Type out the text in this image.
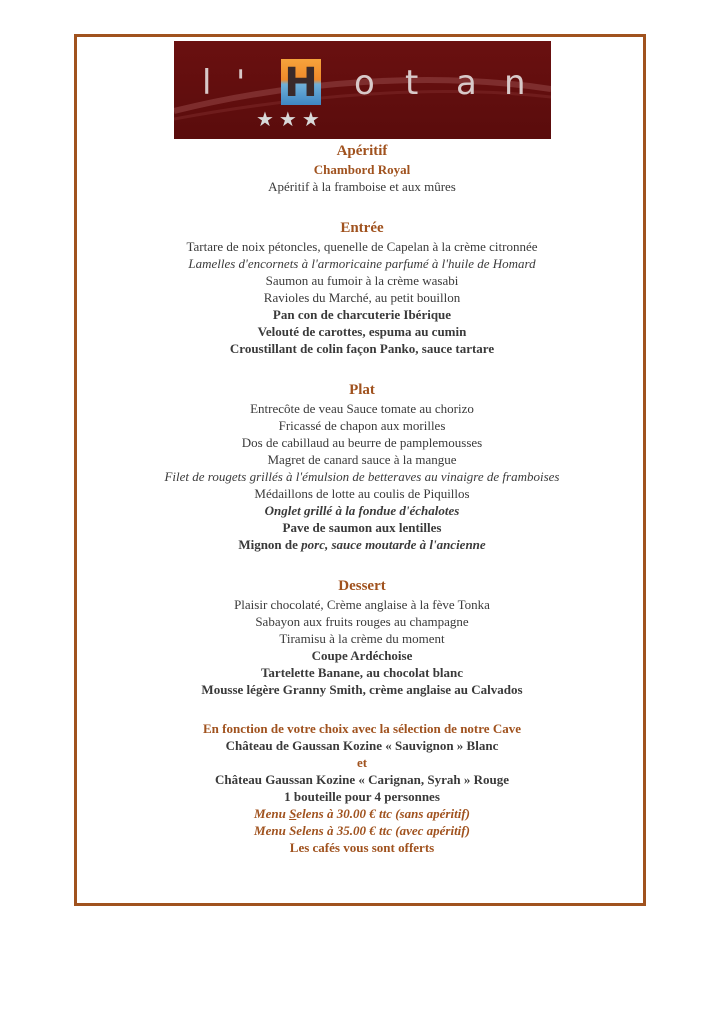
l '	o t a n
H
★★★

Apéritif

Chambord Royal

Apéritif à la framboise et aux mûres

Entrée

Tartare de noix pétoncles, quenelle de Capelan à la crème citronnée

Lamelles d'encornets à l'armoricaine parfumé à l'huile de Homard

Saumon au fumoir à la crème wasabi

Ravioles du Marché, au petit bouillon

Pan con de charcuterie Ibérique

Velouté de carottes, espuma au cumin

Croustillant de colin façon Panko, sauce tartare

Plat

Entrecôte de veau Sauce tomate au chorizo

Fricassé de chapon aux morilles

Dos de cabillaud au beurre de pamplemousses

Magret de canard sauce à la mangue

Filet de rougets grillés à l'émulsion de betteraves au vinaigre de framboises

Médaillons de lotte au coulis de Piquillos

Onglet grillé à la fondue d'échalotes

Pave de saumon aux lentilles

Mignon de porc, sauce moutarde à l'ancienne

Dessert

Plaisir chocolaté, Crème anglaise à la fève Tonka

Sabayon aux fruits rouges au champagne

Tiramisu à la crème du moment

Coupe Ardéchoise

Tartelette Banane, au chocolat blanc

Mousse légère Granny Smith, crème anglaise au Calvados

En fonction de votre choix avec la sélection de notre Cave

Château de Gaussan Kozine « Sauvignon » Blanc

et

Château Gaussan Kozine « Carignan, Syrah » Rouge

1 bouteille pour 4 personnes

Menu Selens à 30.00 € ttc (sans apéritif)

Menu Selens à 35.00 € ttc (avec apéritif)

Les cafés vous sont offerts
